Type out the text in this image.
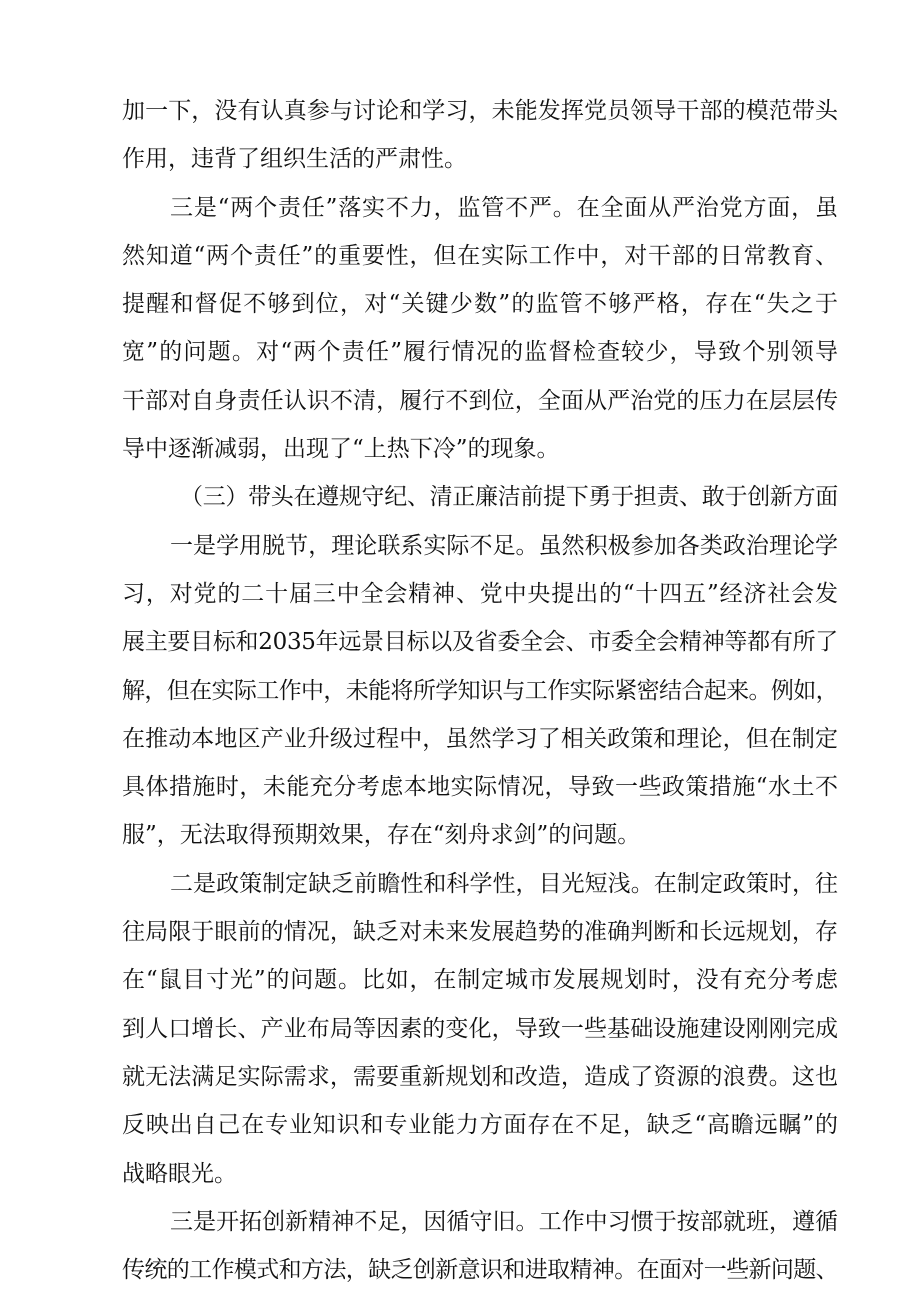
加一下，没有认真参与讨论和学习，未能发挥党员领导干部的模范带头
作用，违背了组织生活的严肃性。
三是“两个责任”落实不力，监管不严。在全面从严治党方面，虽
然知道“两个责任”的重要性，但在实际工作中，对干部的日常教育、
提醒和督促不够到位，对“关键少数”的监管不够严格，存在“失之于
宽”的问题。对“两个责任”履行情况的监督检查较少，导致个别领导
干部对自身责任认识不清，履行不到位，全面从严治党的压力在层层传
导中逐渐减弱，出现了“上热下冷”的现象。
（三）带头在遵规守纪、清正廉洁前提下勇于担责、敢于创新方面
一是学用脱节，理论联系实际不足。虽然积极参加各类政治理论学
习，对党的二十届三中全会精神、党中央提出的“十四五”经济社会发
展主要目标和2035年远景目标以及省委全会、市委全会精神等都有所了
解，但在实际工作中，未能将所学知识与工作实际紧密结合起来。例如，
在推动本地区产业升级过程中，虽然学习了相关政策和理论，但在制定
具体措施时，未能充分考虑本地实际情况，导致一些政策措施“水土不
服”，无法取得预期效果，存在“刻舟求剑”的问题。
二是政策制定缺乏前瞻性和科学性，目光短浅。在制定政策时，往
往局限于眼前的情况，缺乏对未来发展趋势的准确判断和长远规划，存
在“鼠目寸光”的问题。比如，在制定城市发展规划时，没有充分考虑
到人口增长、产业布局等因素的变化，导致一些基础设施建设刚刚完成
就无法满足实际需求，需要重新规划和改造，造成了资源的浪费。这也
反映出自己在专业知识和专业能力方面存在不足，缺乏“高瞻远瞩”的
战略眼光。
三是开拓创新精神不足，因循守旧。工作中习惯于按部就班，遵循
传统的工作模式和方法，缺乏创新意识和进取精神。在面对一些新问题、
